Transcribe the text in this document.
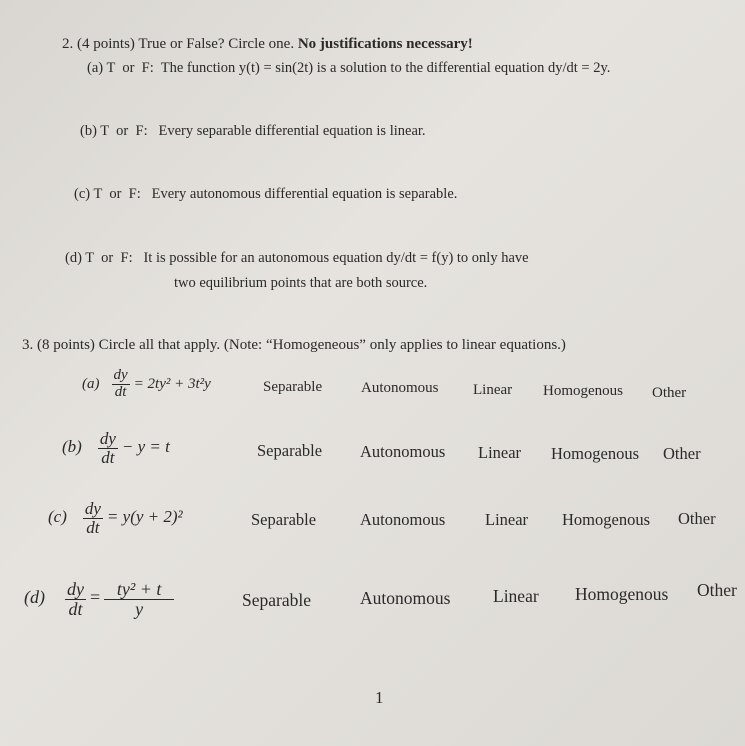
2. (4 points) True or False? Circle one. No justifications necessary!
(a) T or F: The function y(t) = sin(2t) is a solution to the differential equation dy/dt = 2y.
(b) T or F: Every separable differential equation is linear.
(c) T or F: Every autonomous differential equation is separable.
(d) T or F: It is possible for an autonomous equation dy/dt = f(y) to only have
two equilibrium points that are both source.
3. (8 points) Circle all that apply. (Note: “Homogeneous” only applies to linear equations.)
$(a) \frac{dy}{dt} = 2ty^2 + 3t^2y$	Separable	Autonomous Linear Homogenous Other
$(b) \frac{dy}{dt} - y = t$	Separable Autonomous Linear Homogenous Other
$(c) \frac{dy}{dt} = y(y + 2)^2$	Separable	Autonomous Linear Homogenous Other
$(d) \frac{dy}{dt} = \frac{\text{ty² + t}}{y}$	Separable	Autonomous Linear Homogenous Other
1
